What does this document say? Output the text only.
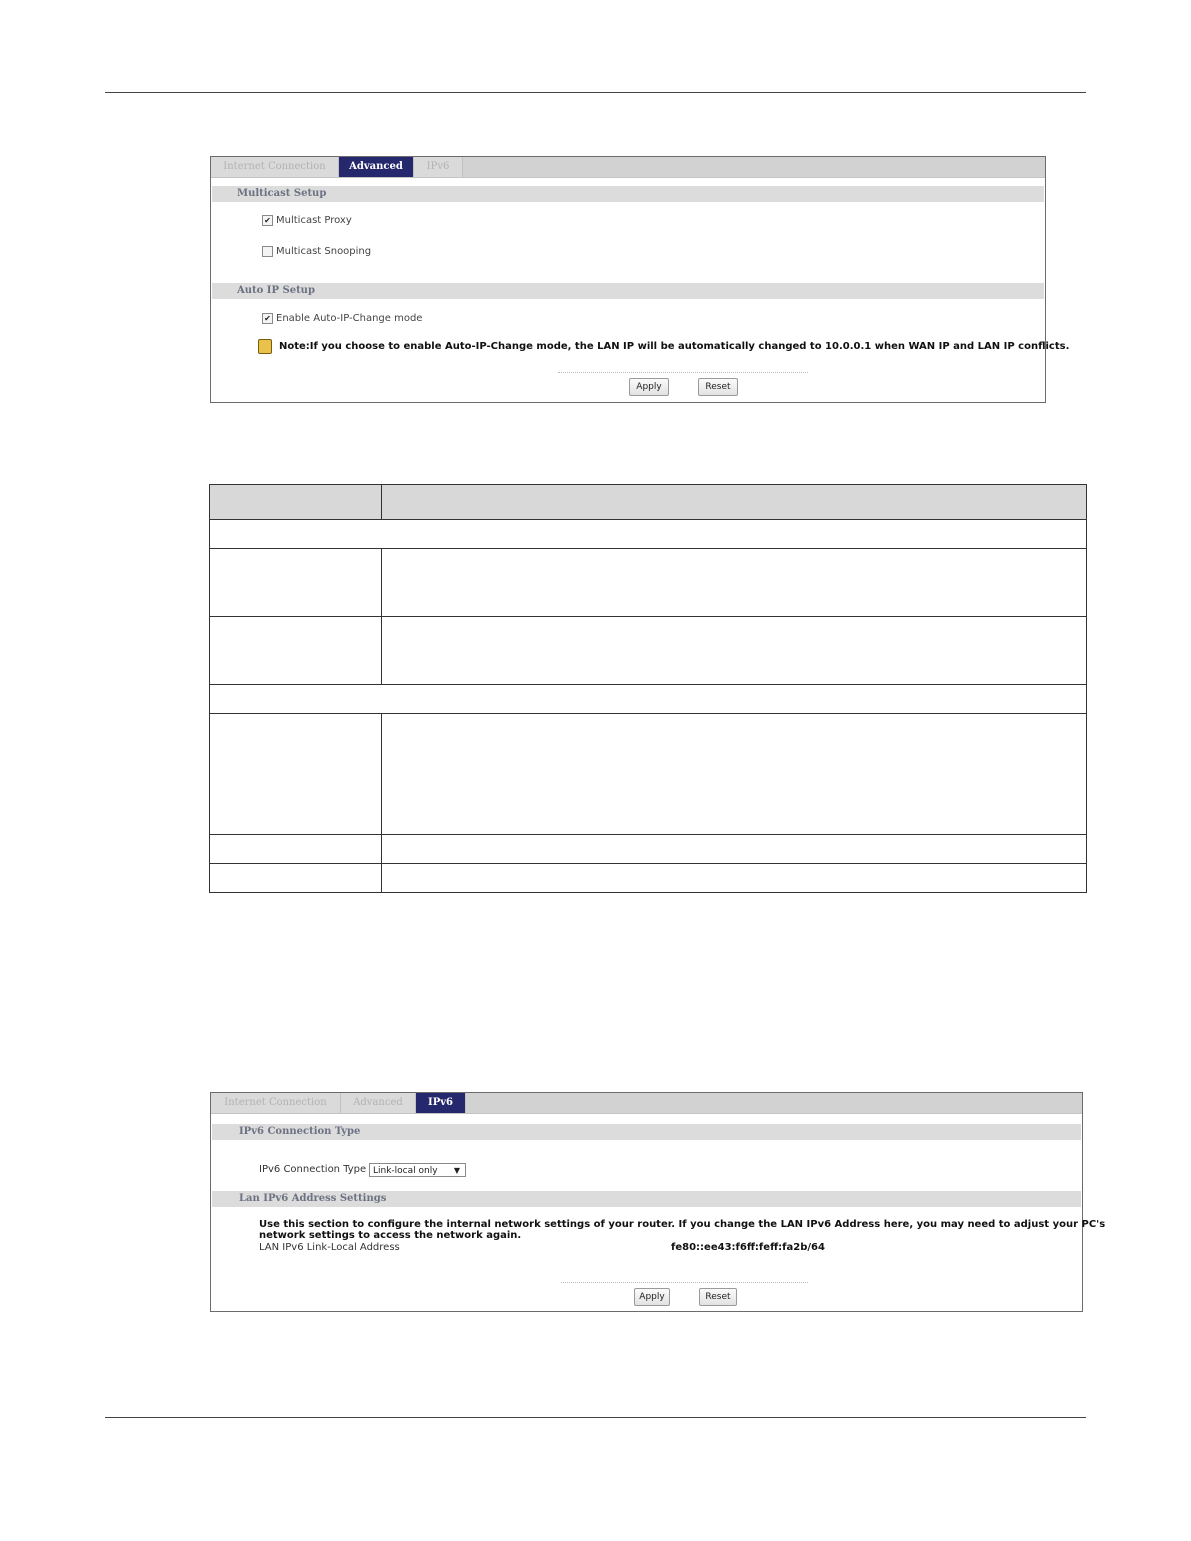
Internet Connection	Advanced	IPv6
Multicast Setup
✔ Multicast Proxy
Multicast Snooping
Auto IP Setup
✔ Enable Auto-IP-Change mode
Note:If you choose to enable Auto-IP-Change mode, the LAN IP will be automatically changed to 10.0.0.1 when WAN IP and LAN IP conflicts.
Apply	Reset

Internet Connection	Advanced	IPv6
IPv6 Connection Type
IPv6 Connection Type Link-local only ▼
Lan IPv6 Address Settings
Use this section to configure the internal network settings of your router. If you change the LAN IPv6 Address here, you may need to adjust your PC's
network settings to access the network again.
LAN IPv6 Link-Local Address	fe80::ee43:f6ff:feff:fa2b/64
Apply	Reset
